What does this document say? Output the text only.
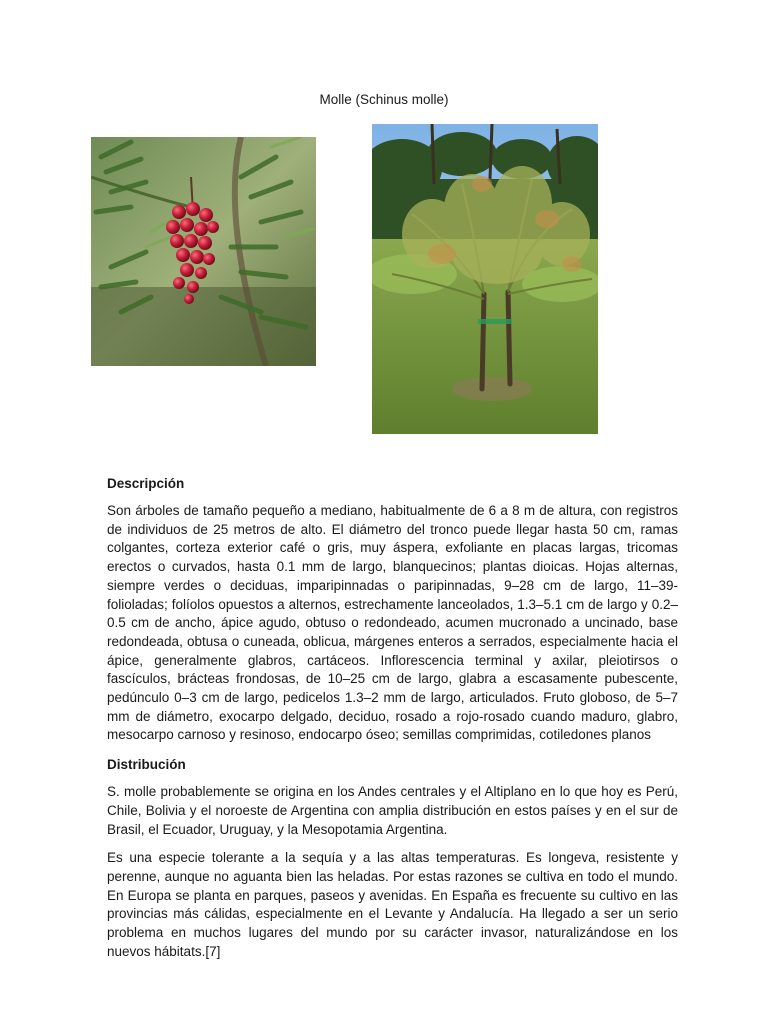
Molle (Schinus molle)
Descripción

Son árboles de tamaño pequeño a mediano, habitualmente de 6 a 8 m de altura, con registros de individuos de 25 metros de alto. El diámetro del tronco puede llegar hasta 50 cm, ramas colgantes, corteza exterior café o gris, muy áspera, exfoliante en placas largas, tricomas erectos o curvados, hasta 0.1 mm de largo, blanquecinos; plantas dioicas. Hojas alternas, siempre verdes o deciduas, imparipinnadas o paripinnadas, 9–28 cm de largo, 11–39-folioladas; folíolos opuestos a alternos, estrechamente lanceolados, 1.3–5.1 cm de largo y 0.2–0.5 cm de ancho, ápice agudo, obtuso o redondeado, acumen mucronado a uncinado, base redondeada, obtusa o cuneada, oblicua, márgenes enteros a serrados, especialmente hacia el ápice, generalmente glabros, cartáceos. Inflorescencia terminal y axilar, pleiotirsos o fascículos, brácteas frondosas, de 10–25 cm de largo, glabra a escasamente pubescente, pedúnculo 0–3 cm de largo, pedicelos 1.3–2 mm de largo, articulados. Fruto globoso, de 5–7 mm de diámetro, exocarpo delgado, deciduo, rosado a rojo-rosado cuando maduro, glabro, mesocarpo carnoso y resinoso, endocarpo óseo; semillas comprimidas, cotiledones planos

Distribución

S. molle probablemente se origina en los Andes centrales y el Altiplano en lo que hoy es Perú, Chile, Bolivia y el noroeste de Argentina con amplia distribución en estos países y en el sur de Brasil, el Ecuador, Uruguay, y la Mesopotamia Argentina.

Es una especie tolerante a la sequía y a las altas temperaturas. Es longeva, resistente y perenne, aunque no aguanta bien las heladas. Por estas razones se cultiva en todo el mundo. En Europa se planta en parques, paseos y avenidas. En España es frecuente su cultivo en las provincias más cálidas, especialmente en el Levante y Andalucía. Ha llegado a ser un serio problema en muchos lugares del mundo por su carácter invasor, naturalizándose en los nuevos hábitats.[7]
